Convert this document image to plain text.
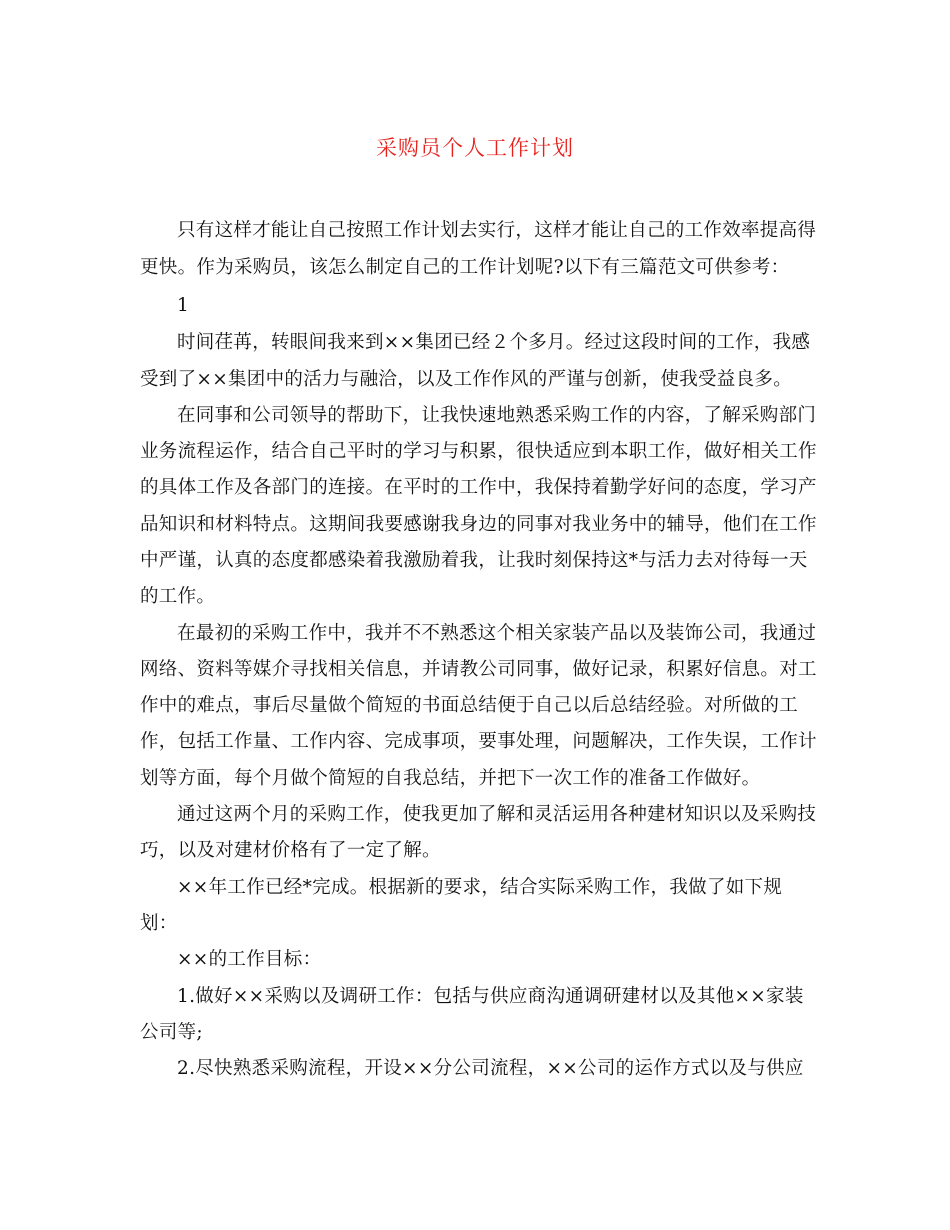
采购员个人工作计划
只有这样才能让自己按照工作计划去实行，这样才能让自己的工作效率提高得
更快。作为采购员，该怎么制定自己的工作计划呢?以下有三篇范文可供参考：
1
时间荏苒，转眼间我来到××集团已经２个多月。经过这段时间的工作，我感
受到了××集团中的活力与融洽，以及工作作风的严谨与创新，使我受益良多。
在同事和公司领导的帮助下，让我快速地熟悉采购工作的内容，了解采购部门
业务流程运作，结合自己平时的学习与积累，很快适应到本职工作，做好相关工作
的具体工作及各部门的连接。在平时的工作中，我保持着勤学好问的态度，学习产
品知识和材料特点。这期间我要感谢我身边的同事对我业务中的辅导，他们在工作
中严谨，认真的态度都感染着我激励着我，让我时刻保持这*与活力去对待每一天
的工作。
在最初的采购工作中，我并不不熟悉这个相关家装产品以及装饰公司，我通过
网络、资料等媒介寻找相关信息，并请教公司同事，做好记录，积累好信息。对工
作中的难点，事后尽量做个简短的书面总结便于自己以后总结经验。对所做的工
作，包括工作量、工作内容、完成事项，要事处理，问题解决，工作失误，工作计
划等方面，每个月做个简短的自我总结，并把下一次工作的准备工作做好。
通过这两个月的采购工作，使我更加了解和灵活运用各种建材知识以及采购技
巧，以及对建材价格有了一定了解。
××年工作已经*完成。根据新的要求，结合实际采购工作，我做了如下规
划：
××的工作目标：
1.做好××采购以及调研工作：包括与供应商沟通调研建材以及其他××家装
公司等;
2.尽快熟悉采购流程，开设××分公司流程，××公司的运作方式以及与供应
